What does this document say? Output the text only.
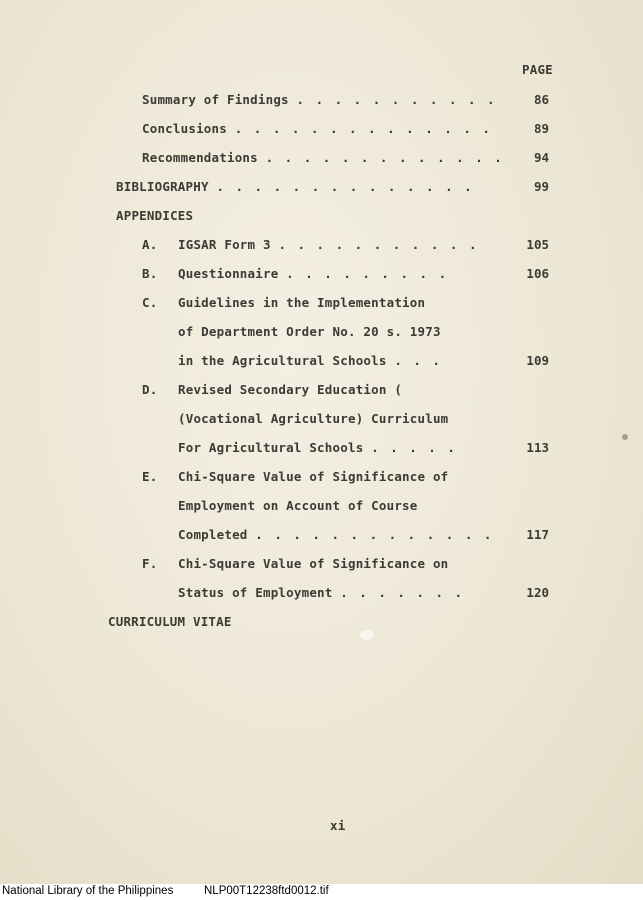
PAGE
Summary of Findings . . . . . . . . . . .	86
Conclusions . . . . . . . . . . . . . .	89
Recommendations . . . . . . . . . . . . .	94
BIBLIOGRAPHY . . . . . . . . . . . . . .	99
APPENDICES
A. IGSAR Form 3 . . . . . . . . . . .	105
B. Questionnaire . . . . . . . . .	106
C. Guidelines in the Implementation
of Department Order No. 20 s. 1973
in the Agricultural Schools . . .	109
D. Revised Secondary Education (
(Vocational Agriculture) Curriculum
For Agricultural Schools . . . . .	113
E. Chi-Square Value of Significance of
Employment on Account of Course
Completed . . . . . . . . . . . . .	117
F. Chi-Square Value of Significance on
Status of Employment . . . . . . .	120
CURRICULUM VITAE
xi
National Library of the Philippines	NLP00T12238ftd0012.tif
